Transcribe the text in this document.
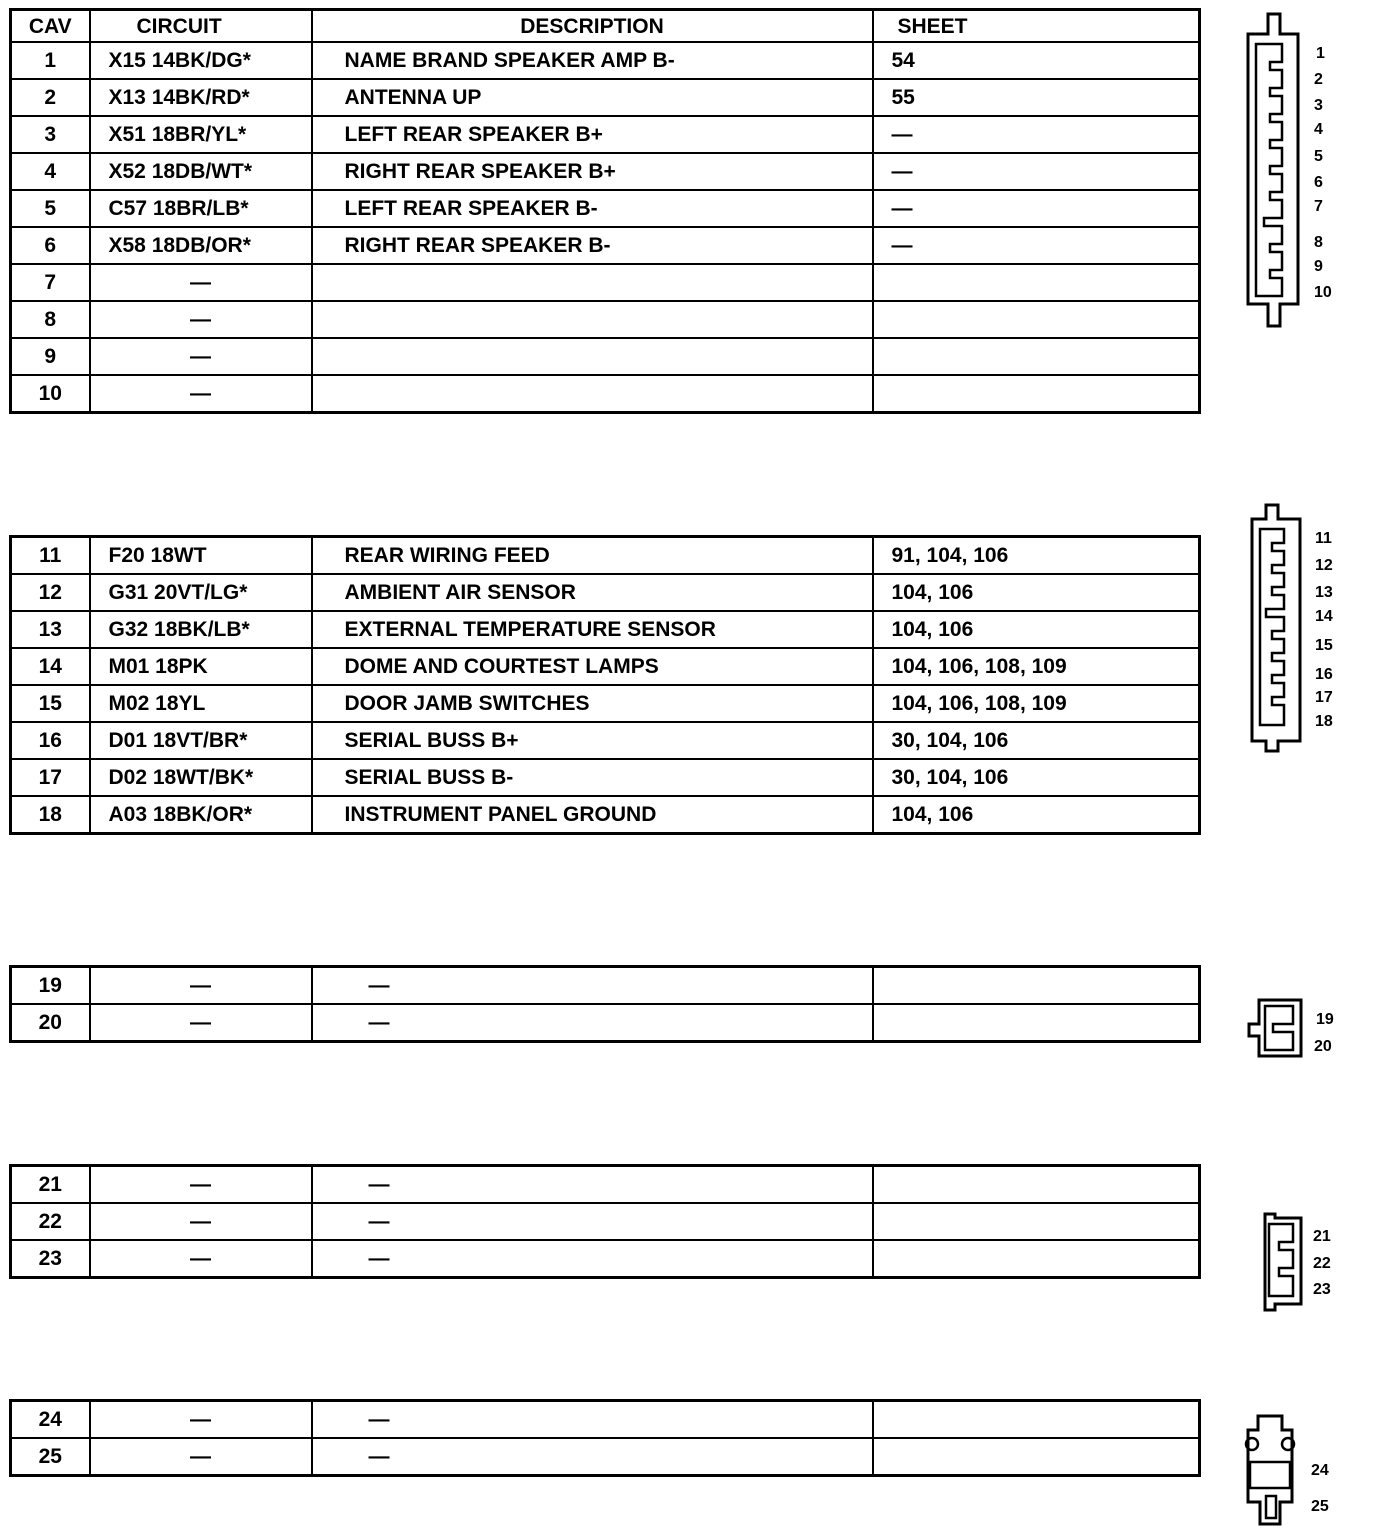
CAV	CIRCUIT	DESCRIPTION	SHEET
1	X15 14BK/DG*	NAME BRAND SPEAKER AMP B-	54
2	X13 14BK/RD*	ANTENNA UP	55
3	X51 18BR/YL*	LEFT REAR SPEAKER B+	—
4	X52 18DB/WT*	RIGHT REAR SPEAKER B+	—
5	C57 18BR/LB*	LEFT REAR SPEAKER B-	—
6	X58 18DB/OR*	RIGHT REAR SPEAKER B-	—
7	—		
8	—		
9	—		
10	—		
11	F20 18WT	REAR WIRING FEED	91, 104, 106
12	G31 20VT/LG*	AMBIENT AIR SENSOR	104, 106
13	G32 18BK/LB*	EXTERNAL TEMPERATURE SENSOR	104, 106
14	M01 18PK	DOME AND COURTEST LAMPS	104, 106, 108, 109
15	M02 18YL	DOOR JAMB SWITCHES	104, 106, 108, 109
16	D01 18VT/BR*	SERIAL BUSS B+	30, 104, 106
17	D02 18WT/BK*	SERIAL BUSS B-	30, 104, 106
18	A03 18BK/OR*	INSTRUMENT PANEL GROUND	104, 106
19	—	—	
20	—	—	
21	—	—	
22	—	—	
23	—	—	
24	—	—	
25	—	—	
1
2
3
4
5
6
7
8
9
10
11
12
13
14
15
16
17
18
19
20
21
22
23
24
25
